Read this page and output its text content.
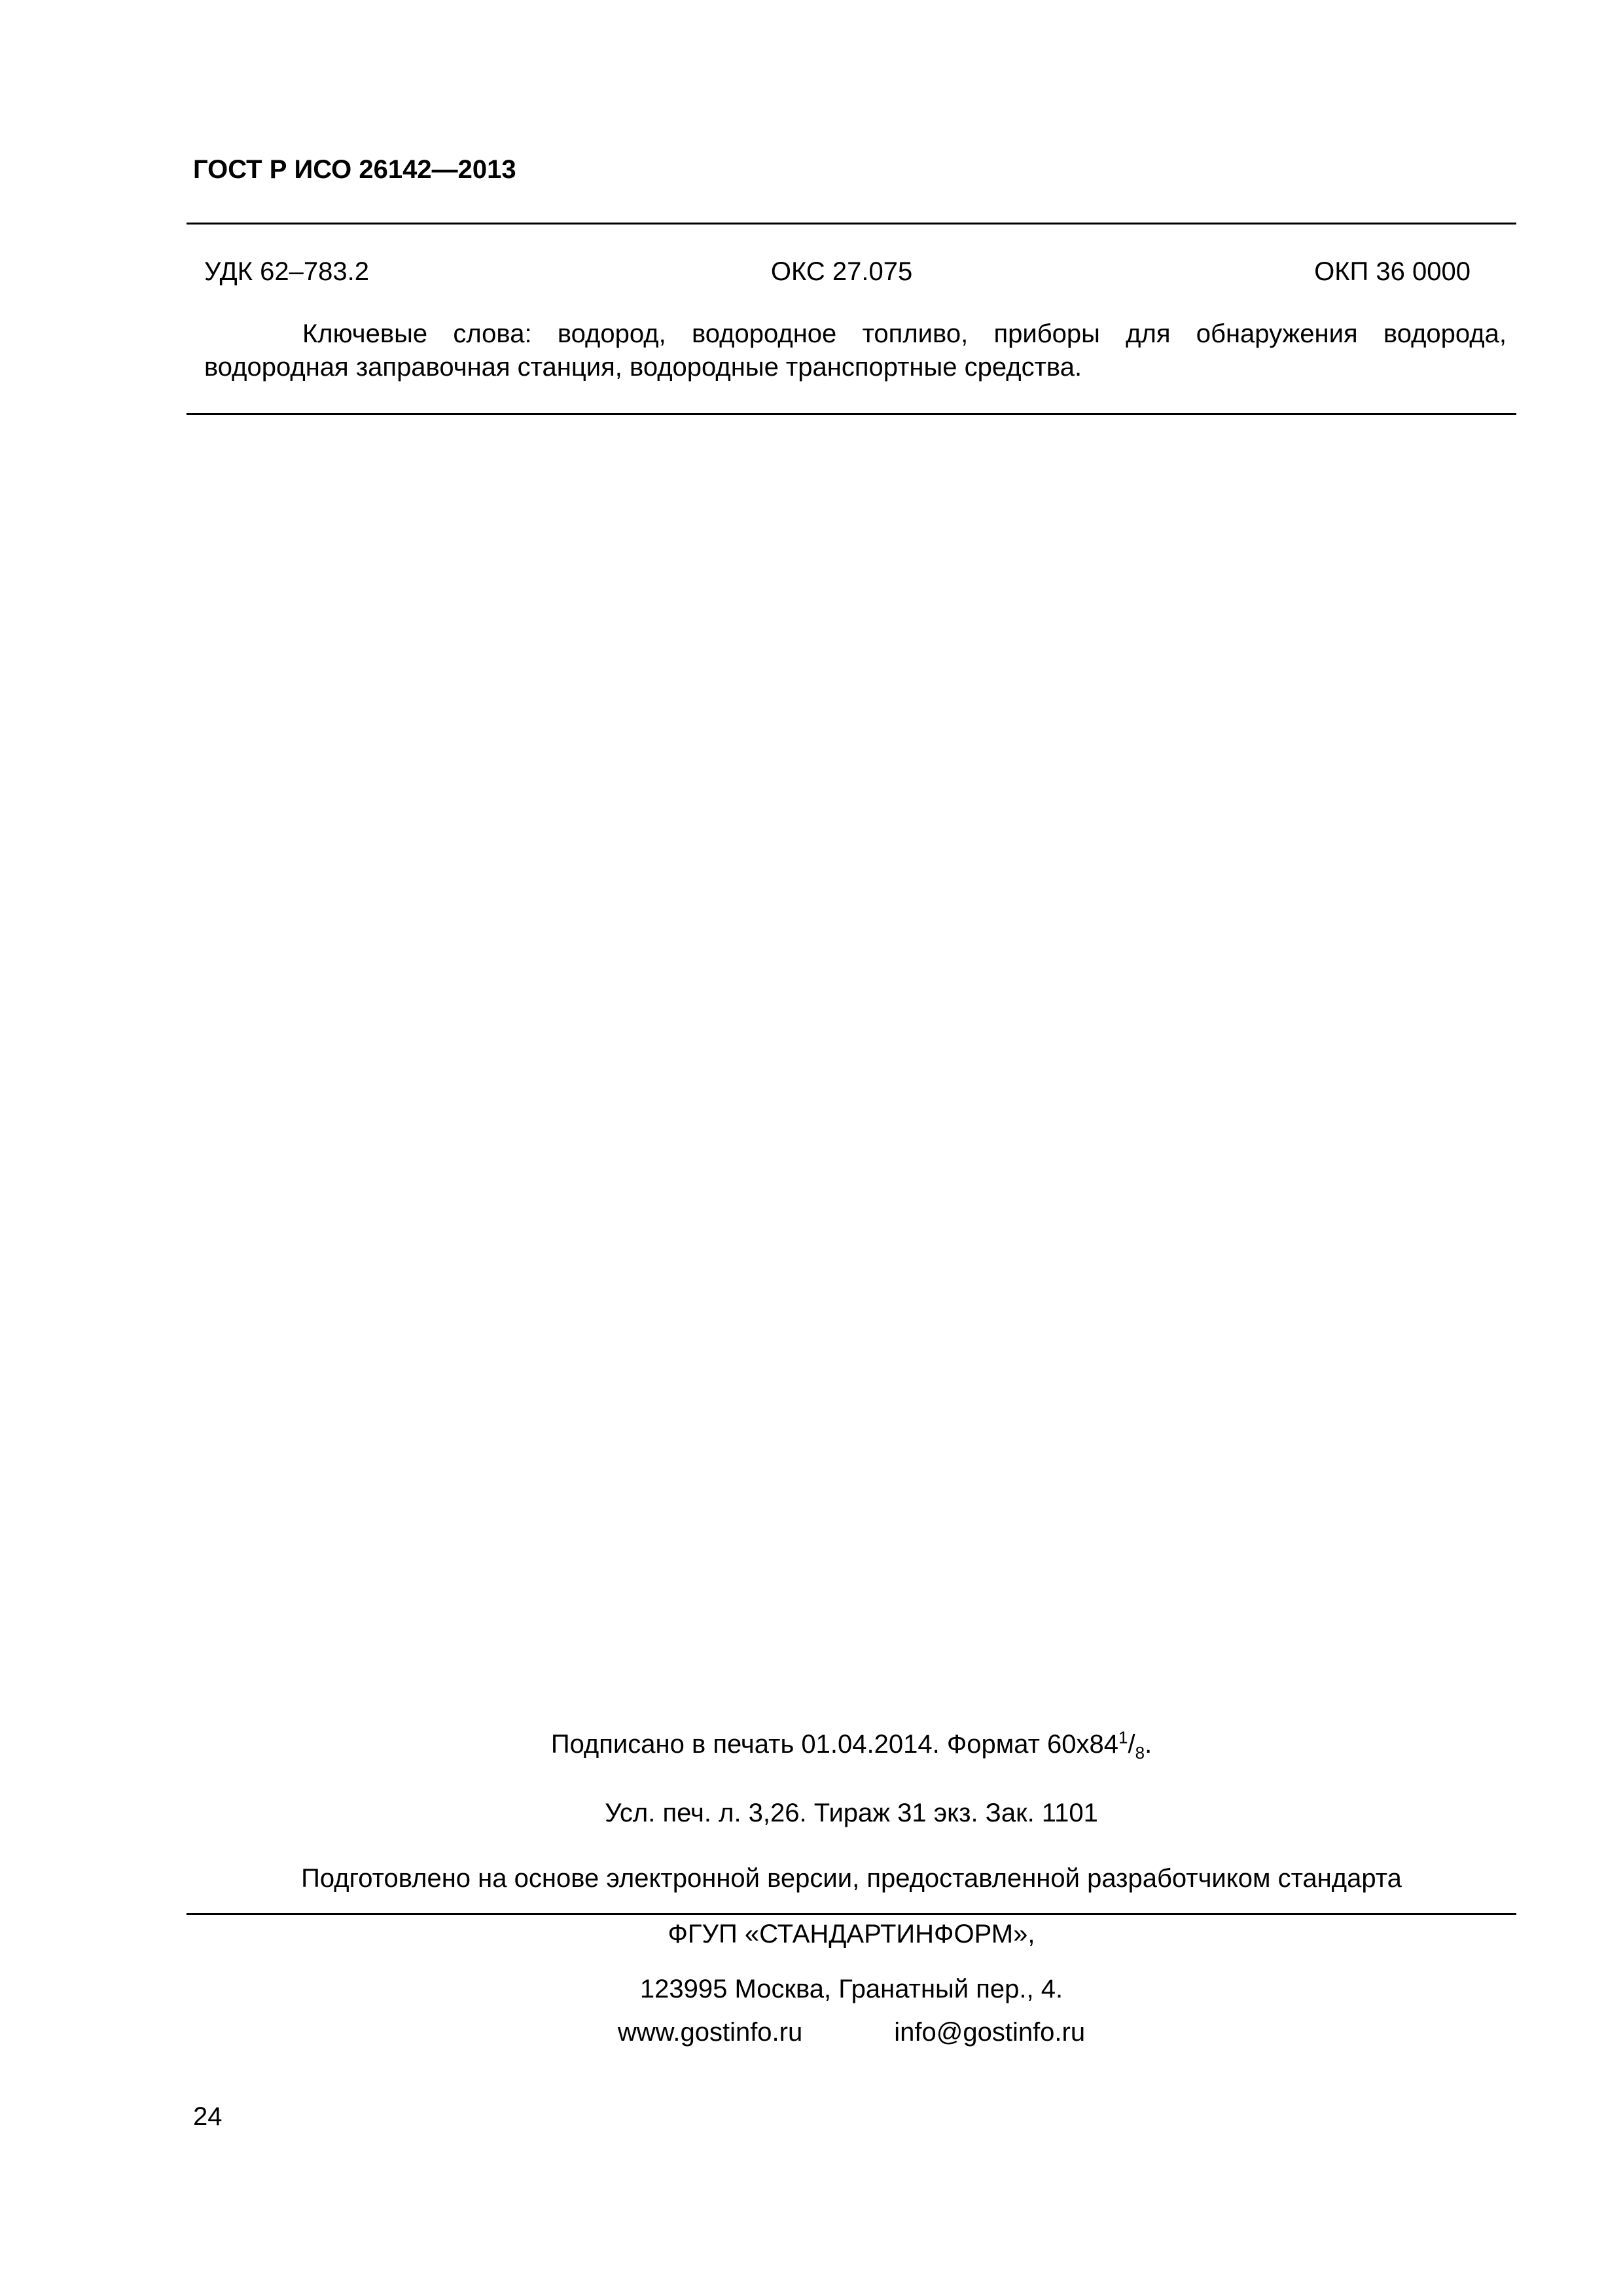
ГОСТ Р ИСО 26142—2013
УДК 62–783.2	ОКС 27.075	ОКП 36 0000
Ключевые слова: водород, водородное топливо, приборы для обнаружения водорода, водородная заправочная станция, водородные транспортные средства.
Подписано в печать 01.04.2014. Формат $60x84^1/_8$.
Усл. печ. л. 3,26. Тираж 31 экз. Зак. 1101
Подготовлено на основе электронной версии, предоставленной разработчиком стандарта
ФГУП «СТАНДАРТИНФОРМ»,
123995 Москва, Гранатный пер., 4.
www.gostinfo.ru	info@gostinfo.ru
24
